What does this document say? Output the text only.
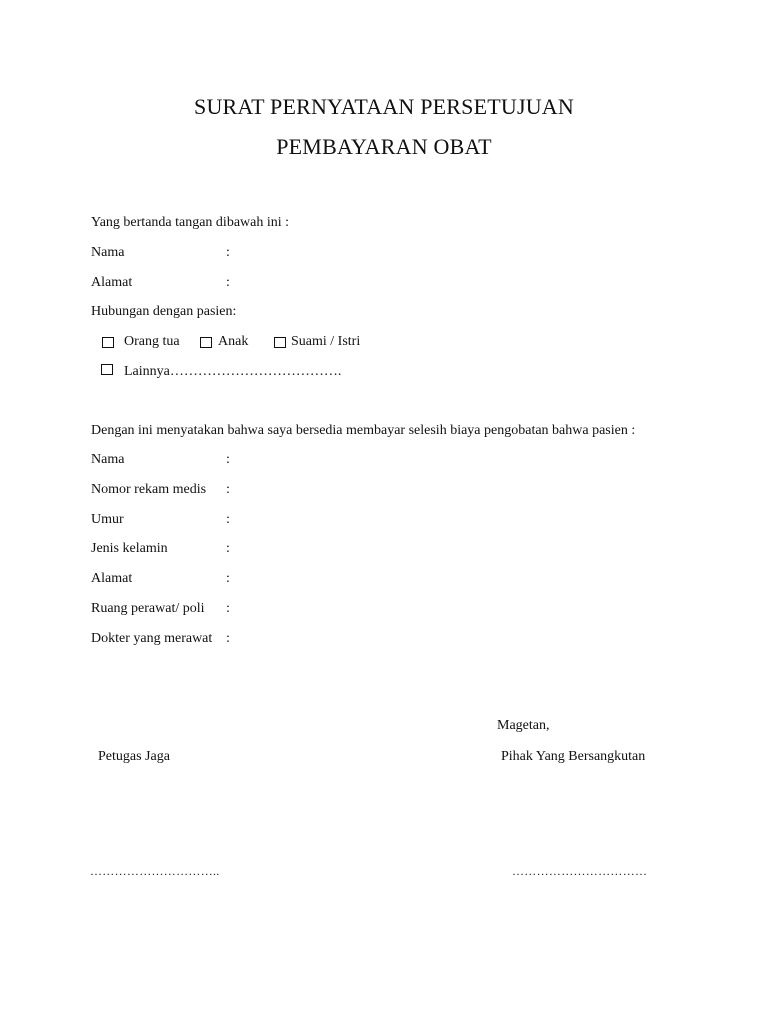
SURAT PERNYATAAN PERSETUJUAN
PEMBAYARAN OBAT
Yang bertanda tangan dibawah ini :
Nama	:
Alamat	:
Hubungan dengan pasien:
Orang tua	Anak	Suami / Istri
Lainnya……………………………….
Dengan ini menyatakan bahwa saya bersedia membayar selesih biaya pengobatan bahwa pasien :
Nama	:
Nomor rekam medis :
Umur	:
Jenis kelamin	:
Alamat	:
Ruang perawat/ poli :
Dokter yang merawat :
Magetan,
Petugas Jaga	Pihak Yang Bersangkutan
…………………………..	……………………………
